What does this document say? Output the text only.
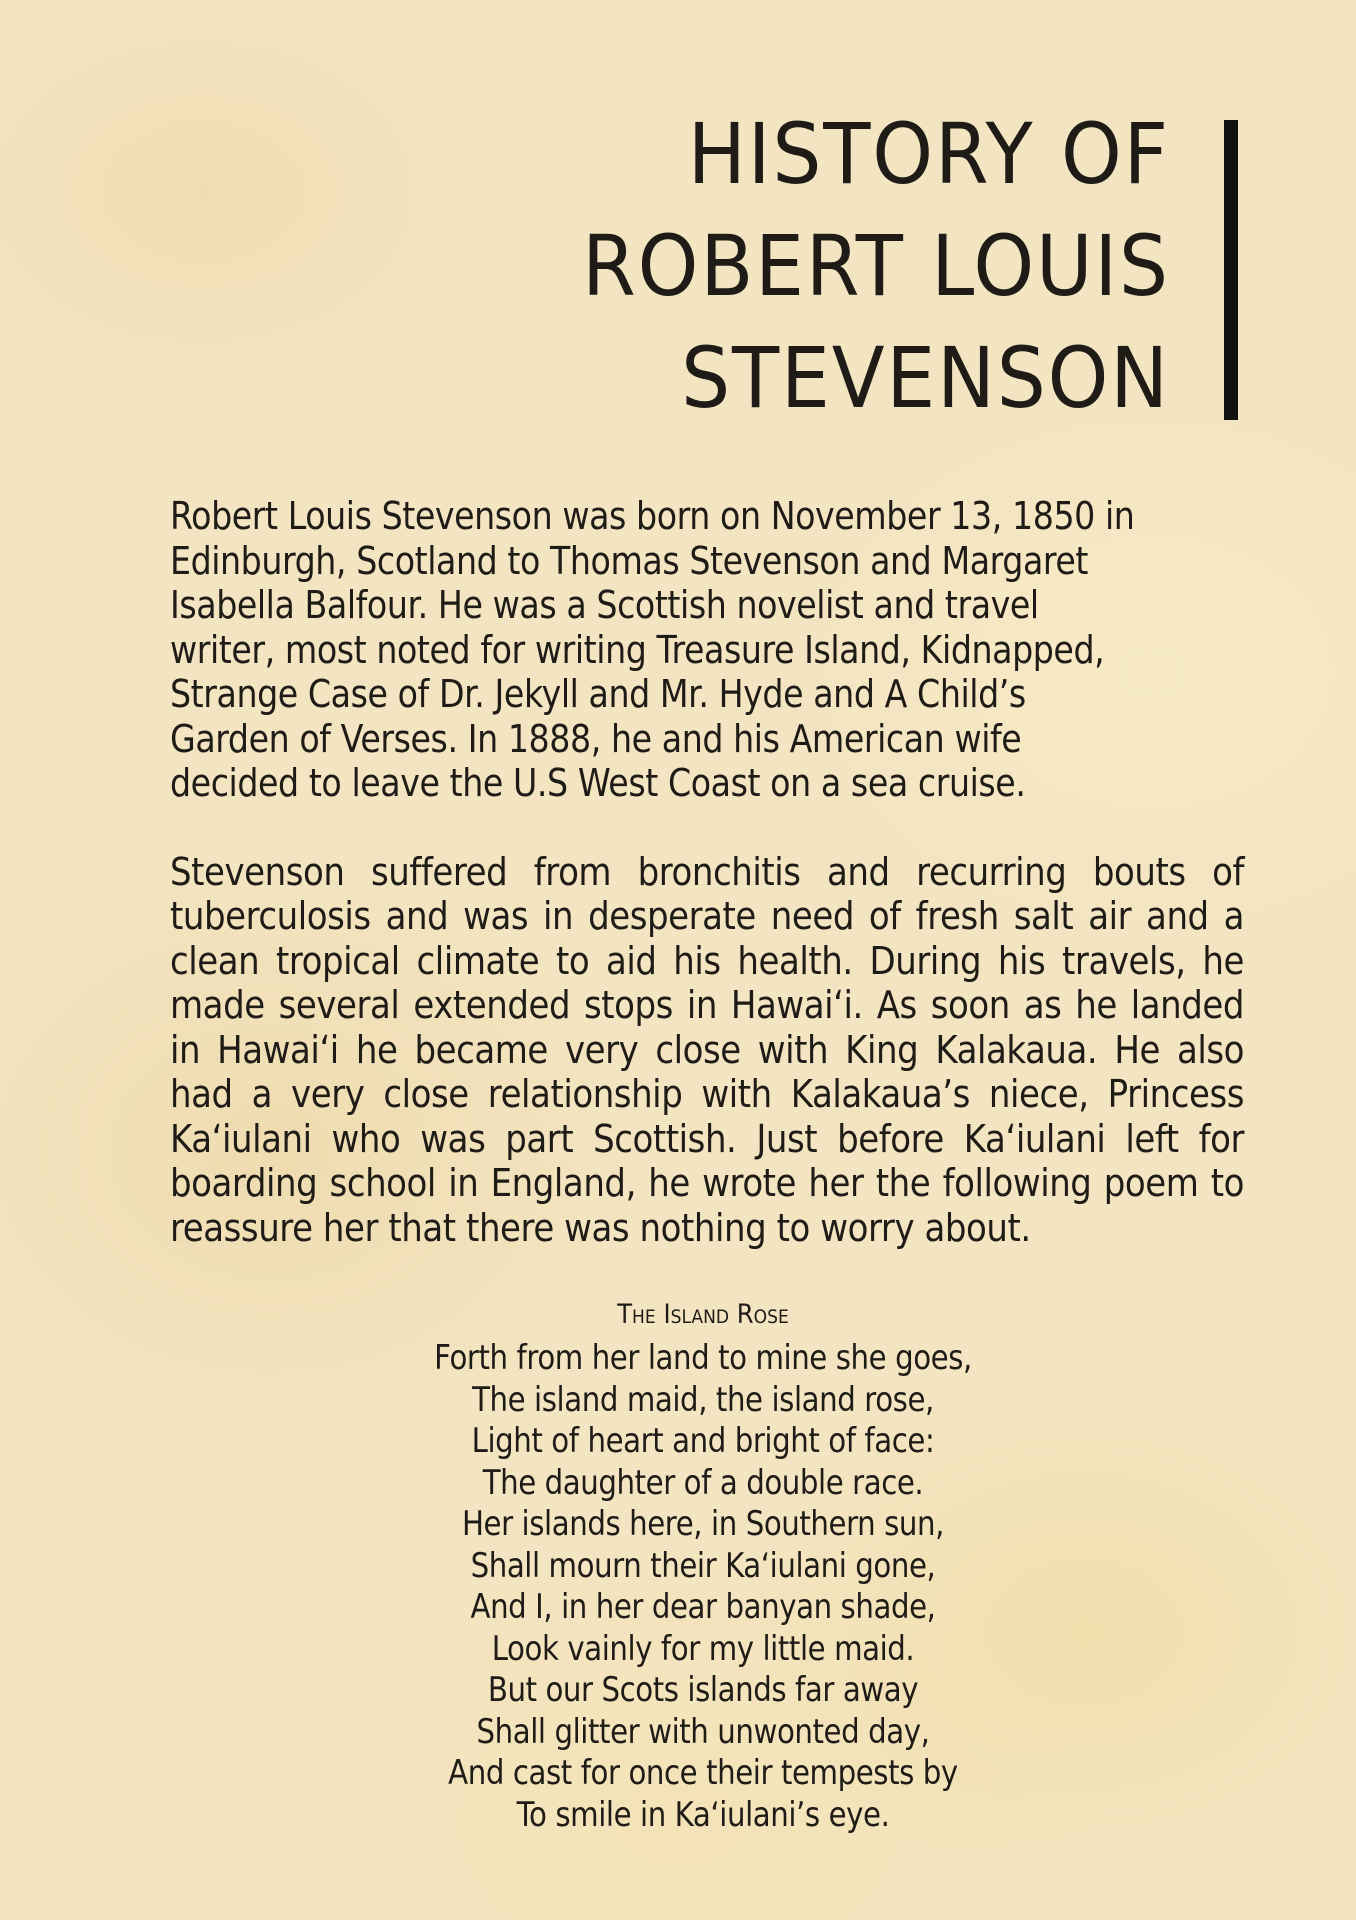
HISTORY OF
ROBERT LOUIS
STEVENSON

Robert Louis Stevenson was born on November 13, 1850 in Edinburgh, Scotland to Thomas Stevenson and Margaret Isabella Balfour. He was a Scottish novelist and travel writer, most noted for writing Treasure Island, Kidnapped, Strange Case of Dr. Jekyll and Mr. Hyde and A Child’s Garden of Verses. In 1888, he and his American wife decided to leave the U.S West Coast on a sea cruise.

Stevenson suffered from bronchitis and recurring bouts of tuberculosis and was in desperate need of fresh salt air and a clean tropical climate to aid his health. During his travels, he made several extended stops in Hawai‘i. As soon as he landed in Hawai‘i he became very close with King Kalakaua. He also had a very close relationship with Kalakaua’s niece, Princess Ka‘iulani who was part Scottish. Just before Ka‘iulani left for boarding school in England, he wrote her the following poem to reassure her that there was nothing to worry about.

The Island Rose
Forth from her land to mine she goes,
The island maid, the island rose,
Light of heart and bright of face:
The daughter of a double race.
Her islands here, in Southern sun,
Shall mourn their Ka‘iulani gone,
And I, in her dear banyan shade,
Look vainly for my little maid.
But our Scots islands far away
Shall glitter with unwonted day,
And cast for once their tempests by
To smile in Ka‘iulani’s eye.
